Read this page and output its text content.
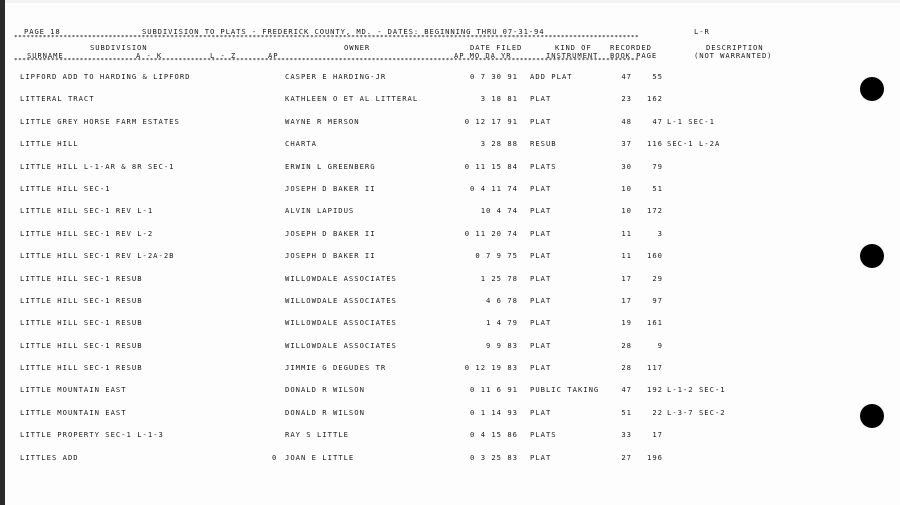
PAGE 18	SUBDIVISION TO PLATS - FREDERICK COUNTY, MD. - DATES: BEGINNING THRU 07-31-94	L-R
*****
SUBDIVISION	OWNER	DATE FILED	KIND OF	RECORDED	DESCRIPTION
SURNAME	A - K	L - Z	AP	AP MO DA YR	INSTRUMENT BOOK PAGE	(NOT WARRANTED)
*****
LIPFORD ADD TO HARDING & LIPFORD	CASPER E HARDING-JR	0 7 30 91 ADD PLAT	47	55
LITTERAL TRACT	KATHLEEN O ET AL LITTERAL	3 18 81 PLAT	23	162
LITTLE GREY HORSE FARM ESTATES	WAYNE R MERSON	0 12 17 91 PLAT	48	47 L-1 SEC-1
LITTLE HILL	CHARTA	3 28 88 RESUB	37	116 SEC-1 L-2A
LITTLE HILL L-1-AR & 8R SEC-1	ERWIN L GREENBERG	0 11 15 84 PLATS	30	79
LITTLE HILL SEC-1	JOSEPH D BAKER II	0 4 11 74 PLAT	10	51
LITTLE HILL SEC-1 REV L-1	ALVIN LAPIDUS	10 4 74 PLAT	10	172
LITTLE HILL SEC-1 REV L-2	JOSEPH D BAKER II	0 11 20 74 PLAT	11	3
LITTLE HILL SEC-1 REV L-2A-2B	JOSEPH D BAKER II	0 7 9 75 PLAT	11	160
LITTLE HILL SEC-1 RESUB	WILLOWDALE ASSOCIATES	1 25 78 PLAT	17	29
LITTLE HILL SEC-1 RESUB	WILLOWDALE ASSOCIATES	4 6 78 PLAT	17	97
LITTLE HILL SEC-1 RESUB	WILLOWDALE ASSOCIATES	1 4 79 PLAT	19	161
LITTLE HILL SEC-1 RESUB	WILLOWDALE ASSOCIATES	9 9 83 PLAT	28	9
LITTLE HILL SEC-1 RESUB	JIMMIE G DEGUDES TR	0 12 19 83 PLAT	28	117
LITTLE MOUNTAIN EAST	DONALD R WILSON	0 11 6 91 PUBLIC TAKING	47	192 L-1-2 SEC-1
LITTLE MOUNTAIN EAST	DONALD R WILSON	0 1 14 93 PLAT	51	22 L-3-7 SEC-2
LITTLE PROPERTY SEC-1 L-1-3	RAY S LITTLE	0 4 15 86 PLATS	33	17
LITTLES ADD	0 JOAN E LITTLE	0 3 25 83 PLAT	27	196
